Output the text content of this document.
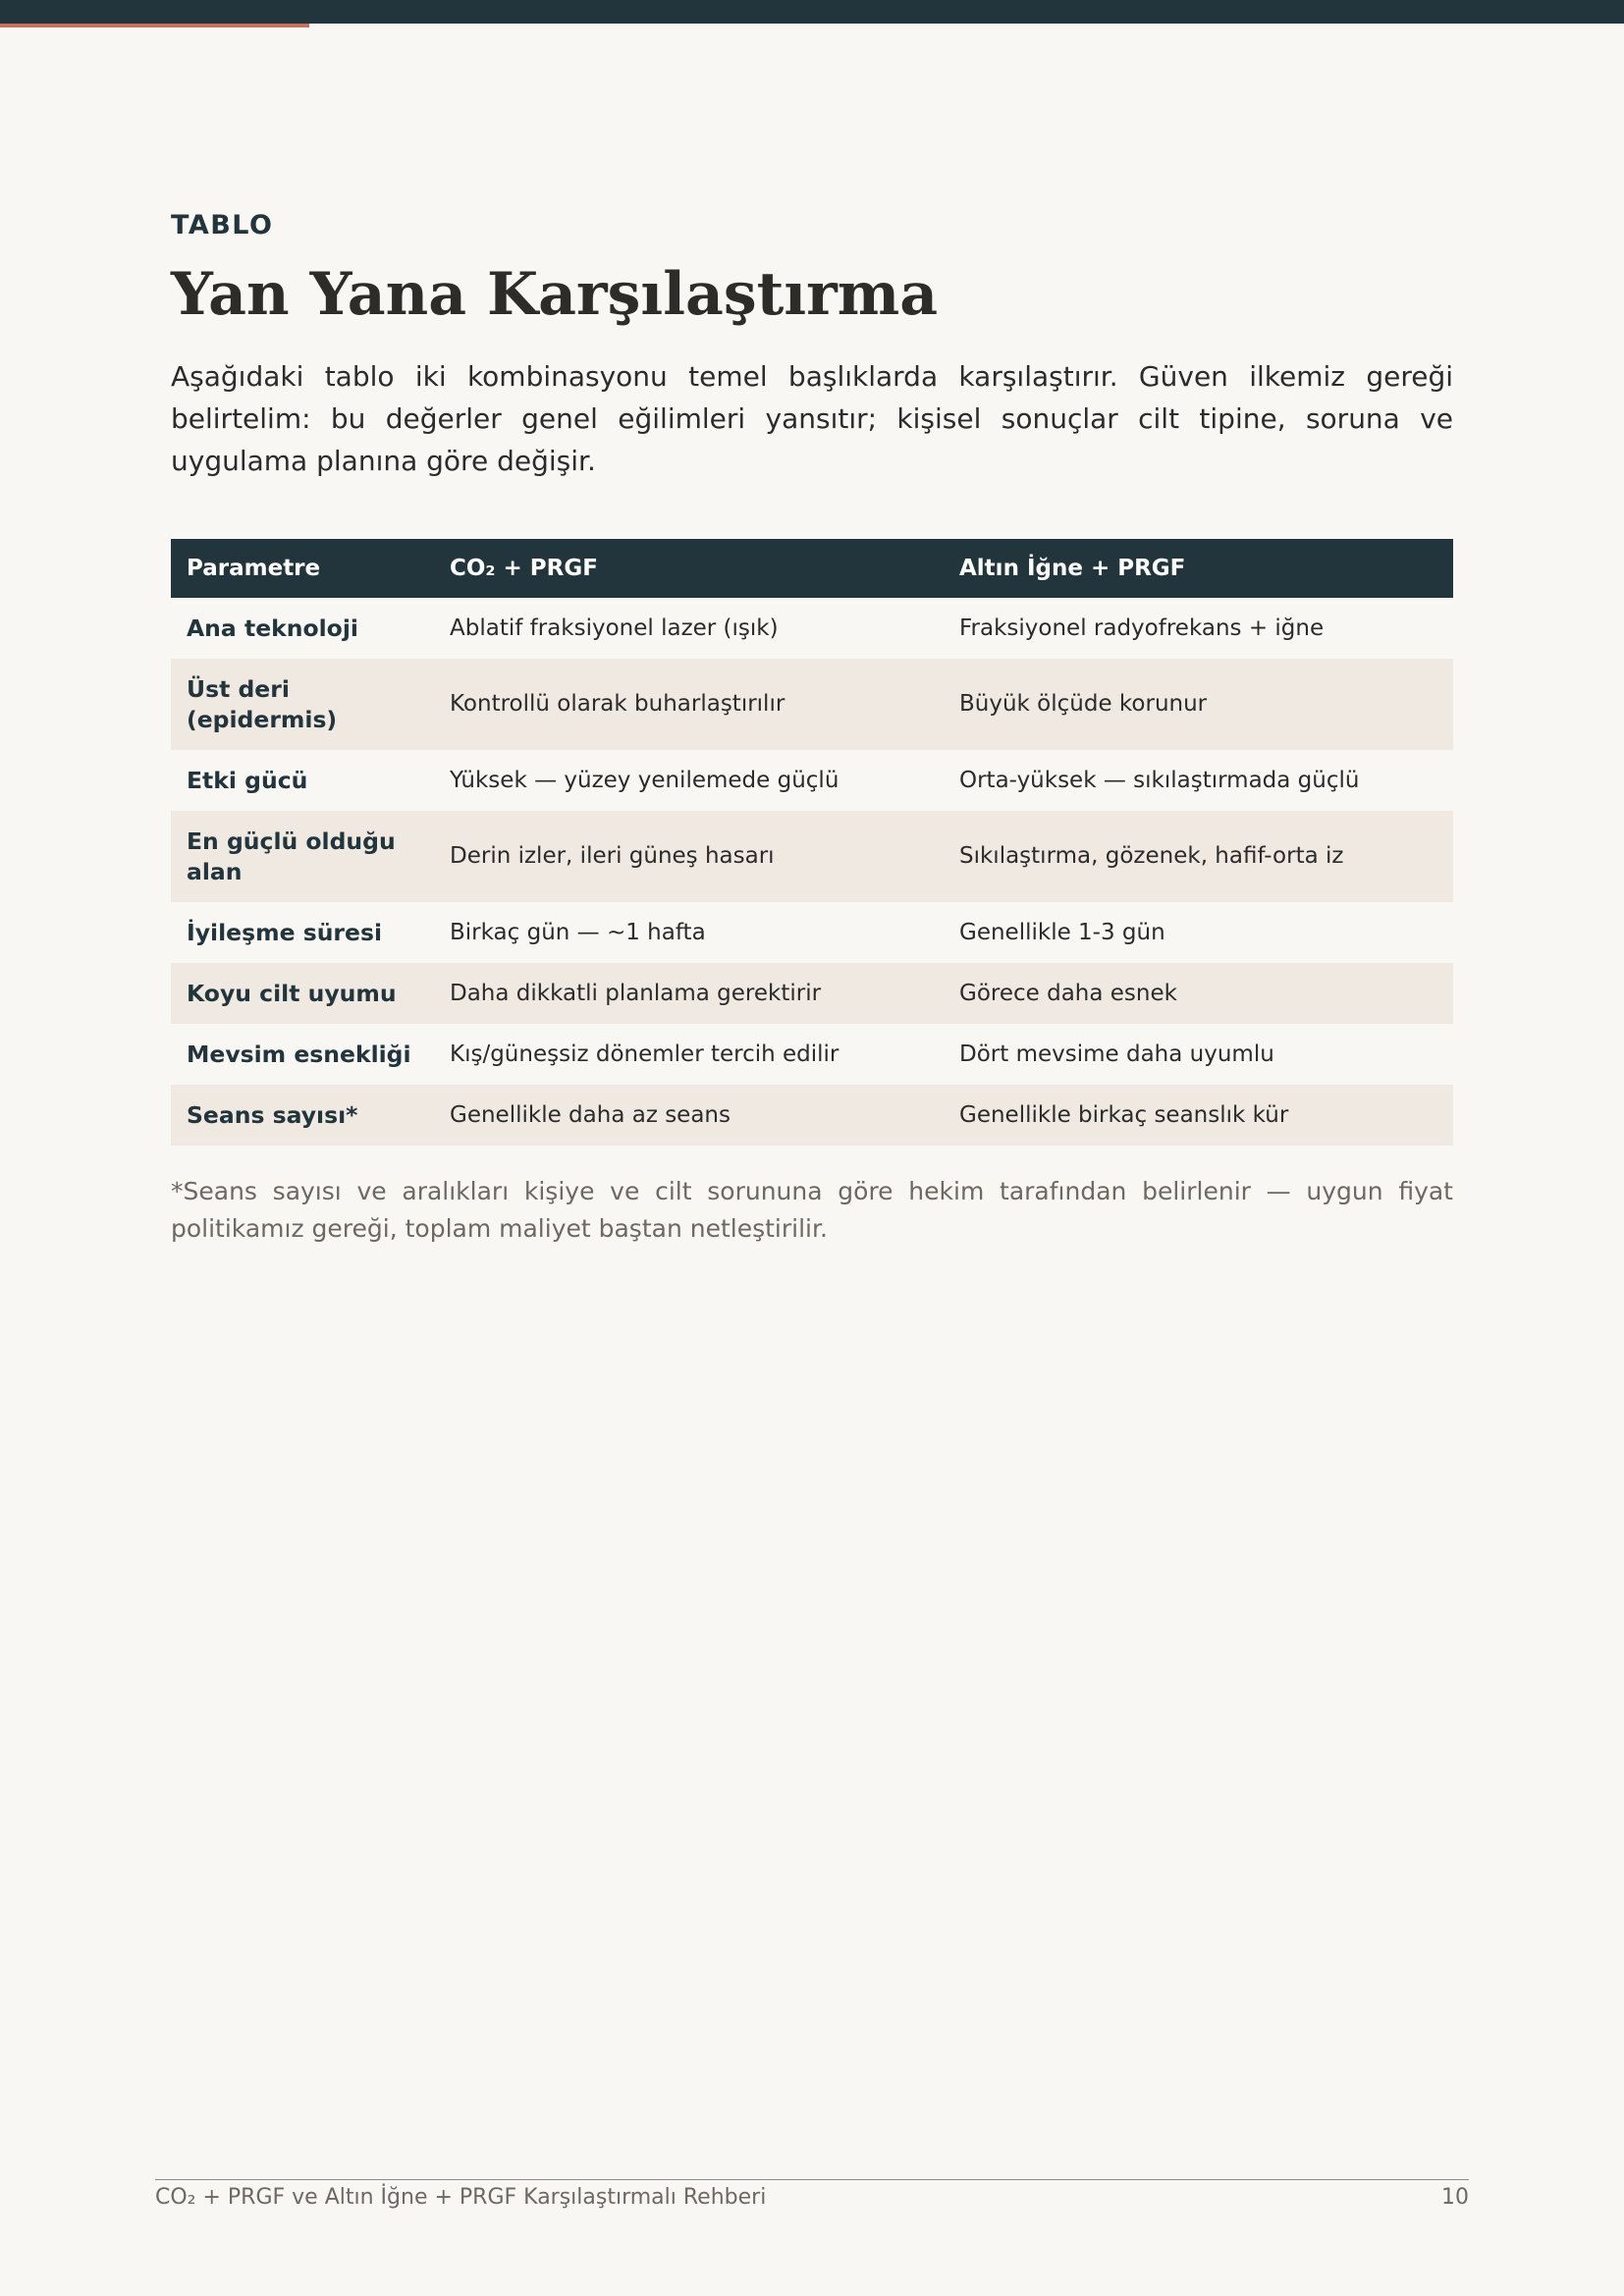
TABLO

Yan Yana Karşılaştırma

Aşağıdaki tablo iki kombinasyonu temel başlıklarda karşılaştırır. Güven ilkemiz gereği belirtelim: bu değerler genel eğilimleri yansıtır; kişisel sonuçlar cilt tipine, soruna ve uygulama planına göre değişir.

Parametre	CO₂ + PRGF	Altın İğne + PRGF
Ana teknoloji	Ablatif fraksiyonel lazer (ışık)	Fraksiyonel radyofrekans + iğne
Üst deri (epidermis)	Kontrollü olarak buharlaştırılır	Büyük ölçüde korunur
Etki gücü	Yüksek — yüzey yenilemede güçlü	Orta-yüksek — sıkılaştırmada güçlü
En güçlü olduğu alan	Derin izler, ileri güneş hasarı	Sıkılaştırma, gözenek, hafif-orta iz
İyileşme süresi	Birkaç gün — ~1 hafta	Genellikle 1-3 gün
Koyu cilt uyumu	Daha dikkatli planlama gerektirir	Görece daha esnek
Mevsim esnekliği	Kış/güneşsiz dönemler tercih edilir	Dört mevsime daha uyumlu
Seans sayısı*	Genellikle daha az seans	Genellikle birkaç seanslık kür

*Seans sayısı ve aralıkları kişiye ve cilt sorununa göre hekim tarafından belirlenir — uygun fiyat politikamız gereği, toplam maliyet baştan netleştirilir.

CO₂ + PRGF ve Altın İğne + PRGF Karşılaştırmalı Rehberi	10
